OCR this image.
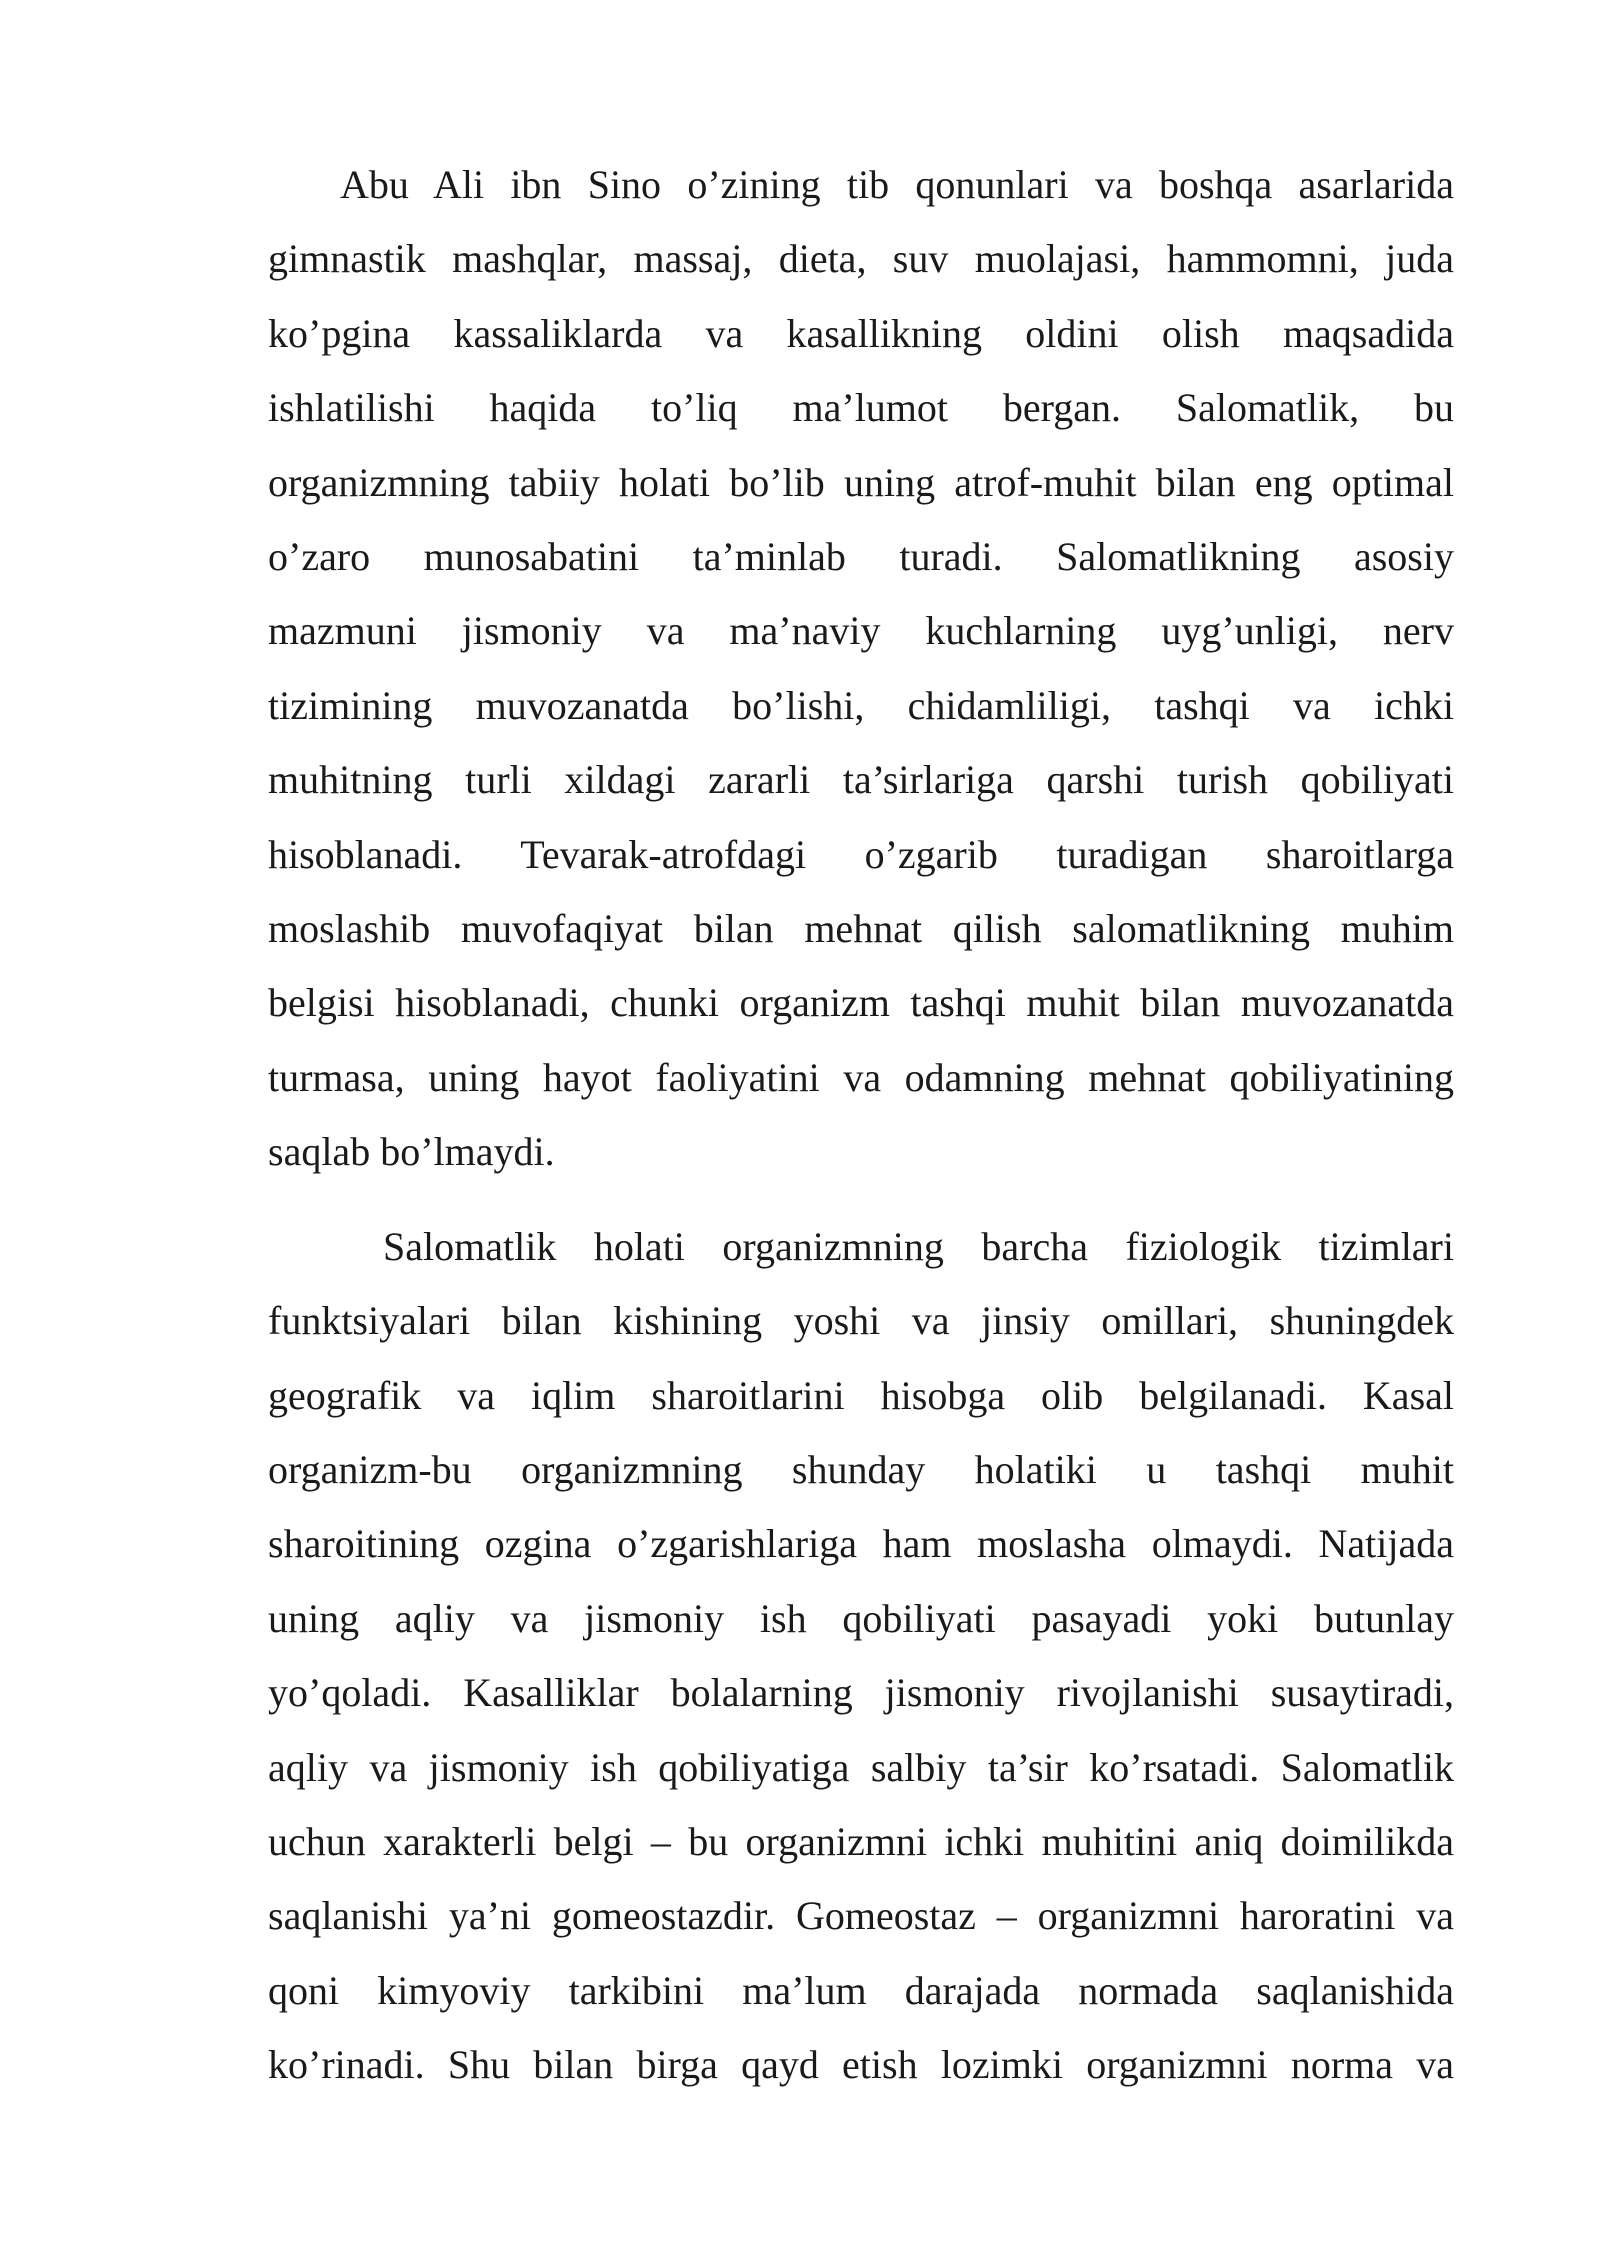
Abu Ali ibn Sino o’zining tib qonunlari va boshqa asarlarida
gimnastik mashqlar, massaj, dieta, suv muolajasi, hammomni, juda
ko’pgina kassaliklarda va kasallikning oldini olish maqsadida
ishlatilishi haqida to’liq ma’lumot bergan. Salomatlik, bu
organizmning tabiiy holati bo’lib uning atrof-muhit bilan eng optimal
o’zaro munosabatini ta’minlab turadi. Salomatlikning asosiy
mazmuni jismoniy va ma’naviy kuchlarning uyg’unligi, nerv
tizimining muvozanatda bo’lishi, chidamliligi, tashqi va ichki
muhitning turli xildagi zararli ta’sirlariga qarshi turish qobiliyati
hisoblanadi. Tevarak-atrofdagi o’zgarib turadigan sharoitlarga
moslashib muvofaqiyat bilan mehnat qilish salomatlikning muhim
belgisi hisoblanadi, chunki organizm tashqi muhit bilan muvozanatda
turmasa, uning hayot faoliyatini va odamning mehnat qobiliyatining
saqlab bo’lmaydi.
Salomatlik holati organizmning barcha fiziologik tizimlari
funktsiyalari bilan kishining yoshi va jinsiy omillari, shuningdek
geografik va iqlim sharoitlarini hisobga olib belgilanadi. Kasal
organizm-bu organizmning shunday holatiki u tashqi muhit
sharoitining ozgina o’zgarishlariga ham moslasha olmaydi. Natijada
uning aqliy va jismoniy ish qobiliyati pasayadi yoki butunlay
yo’qoladi. Kasalliklar bolalarning jismoniy rivojlanishi susaytiradi,
aqliy va jismoniy ish qobiliyatiga salbiy ta’sir ko’rsatadi. Salomatlik
uchun xarakterli belgi – bu organizmni ichki muhitini aniq doimilikda
saqlanishi ya’ni gomeostazdir. Gomeostaz – organizmni haroratini va
qoni kimyoviy tarkibini ma’lum darajada normada saqlanishida
ko’rinadi. Shu bilan birga qayd etish lozimki organizmni norma va
